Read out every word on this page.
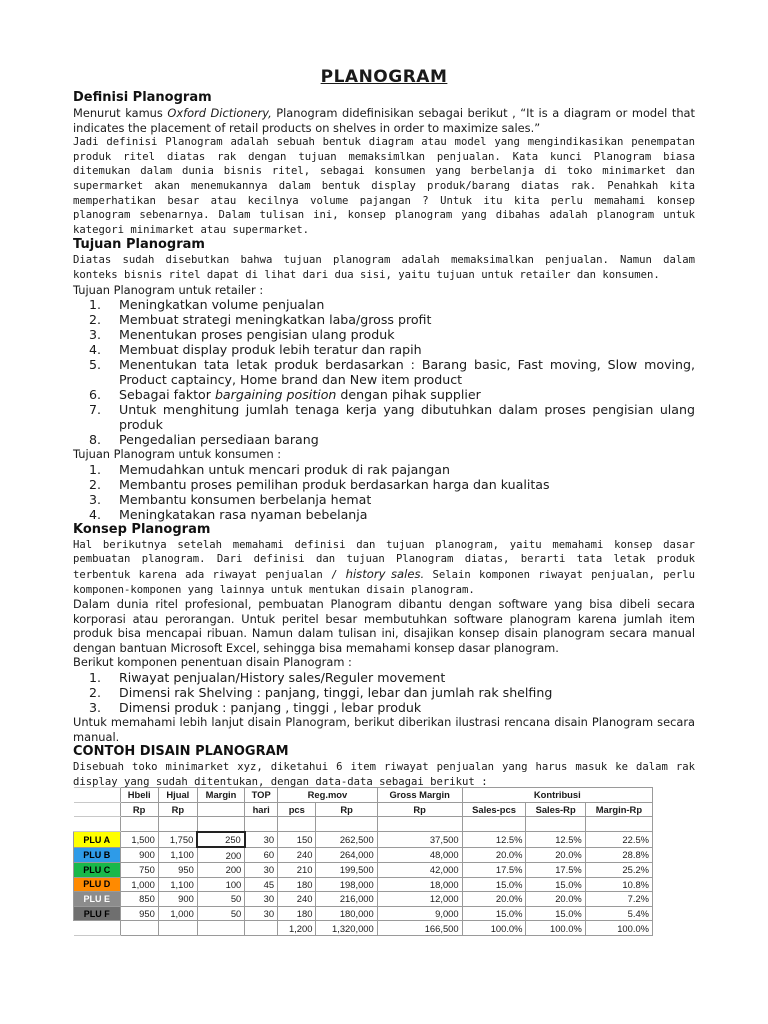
PLANOGRAM
Definisi Planogram

Menurut kamus Oxford Dictionery, Planogram didefinisikan sebagai berikut , “It is a diagram or model that indicates the placement of retail products on shelves in order to maximize sales.”

Jadi definisi Planogram adalah sebuah bentuk diagram atau model yang mengindikasikan penempatan produk ritel diatas rak dengan tujuan memaksimlkan penjualan. Kata kunci Planogram biasa ditemukan dalam dunia bisnis ritel, sebagai konsumen yang berbelanja di toko minimarket dan supermarket akan menemukannya dalam bentuk display produk/barang diatas rak. Penahkah kita memperhatikan besar atau kecilnya volume pajangan ? Untuk itu kita perlu memahami konsep planogram sebenarnya. Dalam tulisan ini, konsep planogram yang dibahas adalah planogram untuk kategori minimarket atau supermarket.

Tujuan Planogram

Diatas sudah disebutkan bahwa tujuan planogram adalah memaksimalkan penjualan. Namun dalam konteks bisnis ritel dapat di lihat dari dua sisi, yaitu tujuan untuk retailer dan konsumen.

Tujuan Planogram untuk retailer :

1. Meningkatkan volume penjualan
2. Membuat strategi meningkatkan laba/gross profit
3. Menentukan proses pengisian ulang produk
4. Membuat display produk lebih teratur dan rapih
5. Menentukan tata letak produk berdasarkan : Barang basic, Fast moving, Slow moving, Product captaincy, Home brand dan New item product
6. Sebagai faktor bargaining position dengan pihak supplier
7. Untuk menghitung jumlah tenaga kerja yang dibutuhkan dalam proses pengisian ulang produk
8. Pengedalian persediaan barang

Tujuan Planogram untuk konsumen :

1. Memudahkan untuk mencari produk di rak pajangan
2. Membantu proses pemilihan produk berdasarkan harga dan kualitas
3. Membantu konsumen berbelanja hemat
4. Meningkatakan rasa nyaman bebelanja
Konsep Planogram

Hal berikutnya setelah memahami definisi dan tujuan planogram, yaitu memahami konsep dasar pembuatan planogram. Dari definisi dan tujuan Planogram diatas, berarti tata letak produk terbentuk karena ada riwayat penjualan / history sales. Selain komponen riwayat penjualan, perlu komponen-komponen yang lainnya untuk mentukan disain planogram.

Dalam dunia ritel profesional, pembuatan Planogram dibantu dengan software yang bisa dibeli secara korporasi atau perorangan. Untuk peritel besar membutuhkan software planogram karena jumlah item produk bisa mencapai ribuan. Namun dalam tulisan ini, disajikan konsep disain planogram secara manual dengan bantuan Microsoft Excel, sehingga bisa memahami konsep dasar planogram.

Berikut komponen penentuan disain Planogram :

1. Riwayat penjualan/History sales/Reguler movement
2. Dimensi rak Shelving : panjang, tinggi, lebar dan jumlah rak shelfing
3. Dimensi produk : panjang , tinggi , lebar produk

Untuk memahami lebih lanjut disain Planogram, berikut diberikan ilustrasi rencana disain Planogram secara manual.

CONTOH DISAIN PLANOGRAM

Disebuah toko minimarket xyz, diketahui 6 item riwayat penjualan yang harus masuk ke dalam rak display yang sudah ditentukan, dengan data-data sebagai berikut :

	Hbeli	Hjual	Margin	TOP	Reg.mov		Gross Margin	Kontribusi		
	Rp	Rp		hari	pcs	Rp	Rp	Sales-pcs	Sales-Rp	Margin-Rp

PLU A	1,500	1,750	250	30	150	262,500	37,500	12.5%	12.5%	22.5%
PLU B	900	1,100	200	60	240	264,000	48,000	20.0%	20.0%	28.8%
PLU C	750	950	200	30	210	199,500	42,000	17.5%	17.5%	25.2%
PLU D	1,000	1,100	100	45	180	198,000	18,000	15.0%	15.0%	10.8%
PLU E	850	900	50	30	240	216,000	12,000	20.0%	20.0%	7.2%
PLU F	950	1,000	50	30	180	180,000	9,000	15.0%	15.0%	5.4%
					1,200	1,320,000	166,500	100.0%	100.0%	100.0%
